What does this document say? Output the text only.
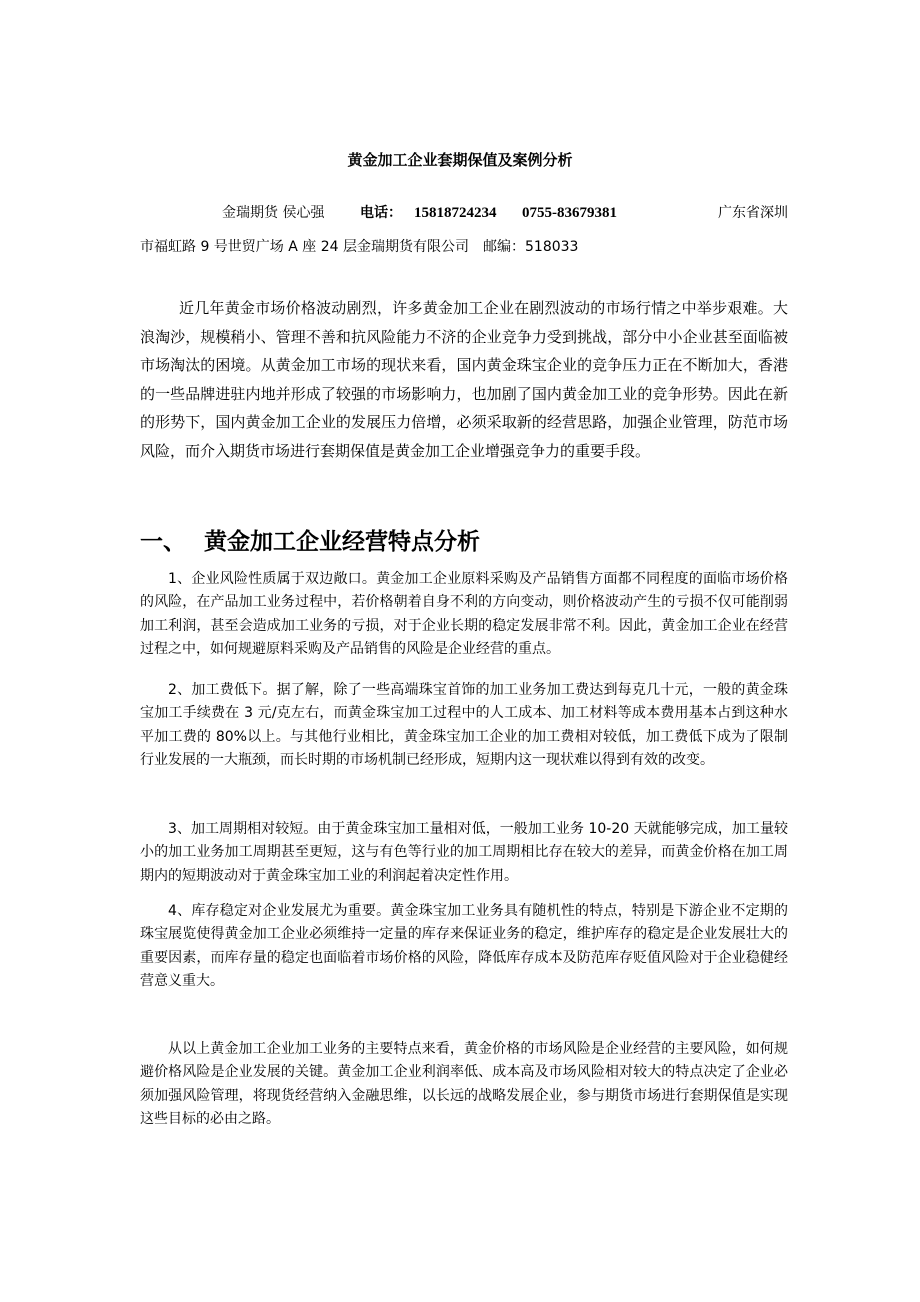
黄金加工企业套期保值及案例分析
金瑞期货 侯心强	电话： 15818724234 0755-83679381	广东省深圳
市福虹路 9 号世贸广场 A 座 24 层金瑞期货有限公司 邮编：518033

近几年黄金市场价格波动剧烈，许多黄金加工企业在剧烈波动的市场行情之中举步艰难。大浪淘沙，规模稍小、管理不善和抗风险能力不济的企业竞争力受到挑战，部分中小企业甚至面临被市场淘汰的困境。从黄金加工市场的现状来看，国内黄金珠宝企业的竞争压力正在不断加大，香港的一些品牌进驻内地并形成了较强的市场影响力，也加剧了国内黄金加工业的竞争形势。因此在新的形势下，国内黄金加工企业的发展压力倍增，必须采取新的经营思路，加强企业管理，防范市场风险，而介入期货市场进行套期保值是黄金加工企业增强竞争力的重要手段。

一、 黄金加工企业经营特点分析

1、企业风险性质属于双边敞口。黄金加工企业原料采购及产品销售方面都不同程度的面临市场价格的风险，在产品加工业务过程中，若价格朝着自身不利的方向变动，则价格波动产生的亏损不仅可能削弱加工利润，甚至会造成加工业务的亏损，对于企业长期的稳定发展非常不利。因此，黄金加工企业在经营过程之中，如何规避原料采购及产品销售的风险是企业经营的重点。

2、加工费低下。据了解，除了一些高端珠宝首饰的加工业务加工费达到每克几十元，一般的黄金珠宝加工手续费在 3 元/克左右，而黄金珠宝加工过程中的人工成本、加工材料等成本费用基本占到这种水平加工费的 80%以上。与其他行业相比，黄金珠宝加工企业的加工费相对较低，加工费低下成为了限制行业发展的一大瓶颈，而长时期的市场机制已经形成，短期内这一现状难以得到有效的改变。

3、加工周期相对较短。由于黄金珠宝加工量相对低，一般加工业务 10-20 天就能够完成，加工量较小的加工业务加工周期甚至更短，这与有色等行业的加工周期相比存在较大的差异，而黄金价格在加工周期内的短期波动对于黄金珠宝加工业的利润起着决定性作用。

4、库存稳定对企业发展尤为重要。黄金珠宝加工业务具有随机性的特点，特别是下游企业不定期的珠宝展览使得黄金加工企业必须维持一定量的库存来保证业务的稳定，维护库存的稳定是企业发展壮大的重要因素，而库存量的稳定也面临着市场价格的风险，降低库存成本及防范库存贬值风险对于企业稳健经营意义重大。

从以上黄金加工企业加工业务的主要特点来看，黄金价格的市场风险是企业经营的主要风险，如何规避价格风险是企业发展的关键。黄金加工企业利润率低、成本高及市场风险相对较大的特点决定了企业必须加强风险管理，将现货经营纳入金融思维，以长远的战略发展企业，参与期货市场进行套期保值是实现这些目标的必由之路。
